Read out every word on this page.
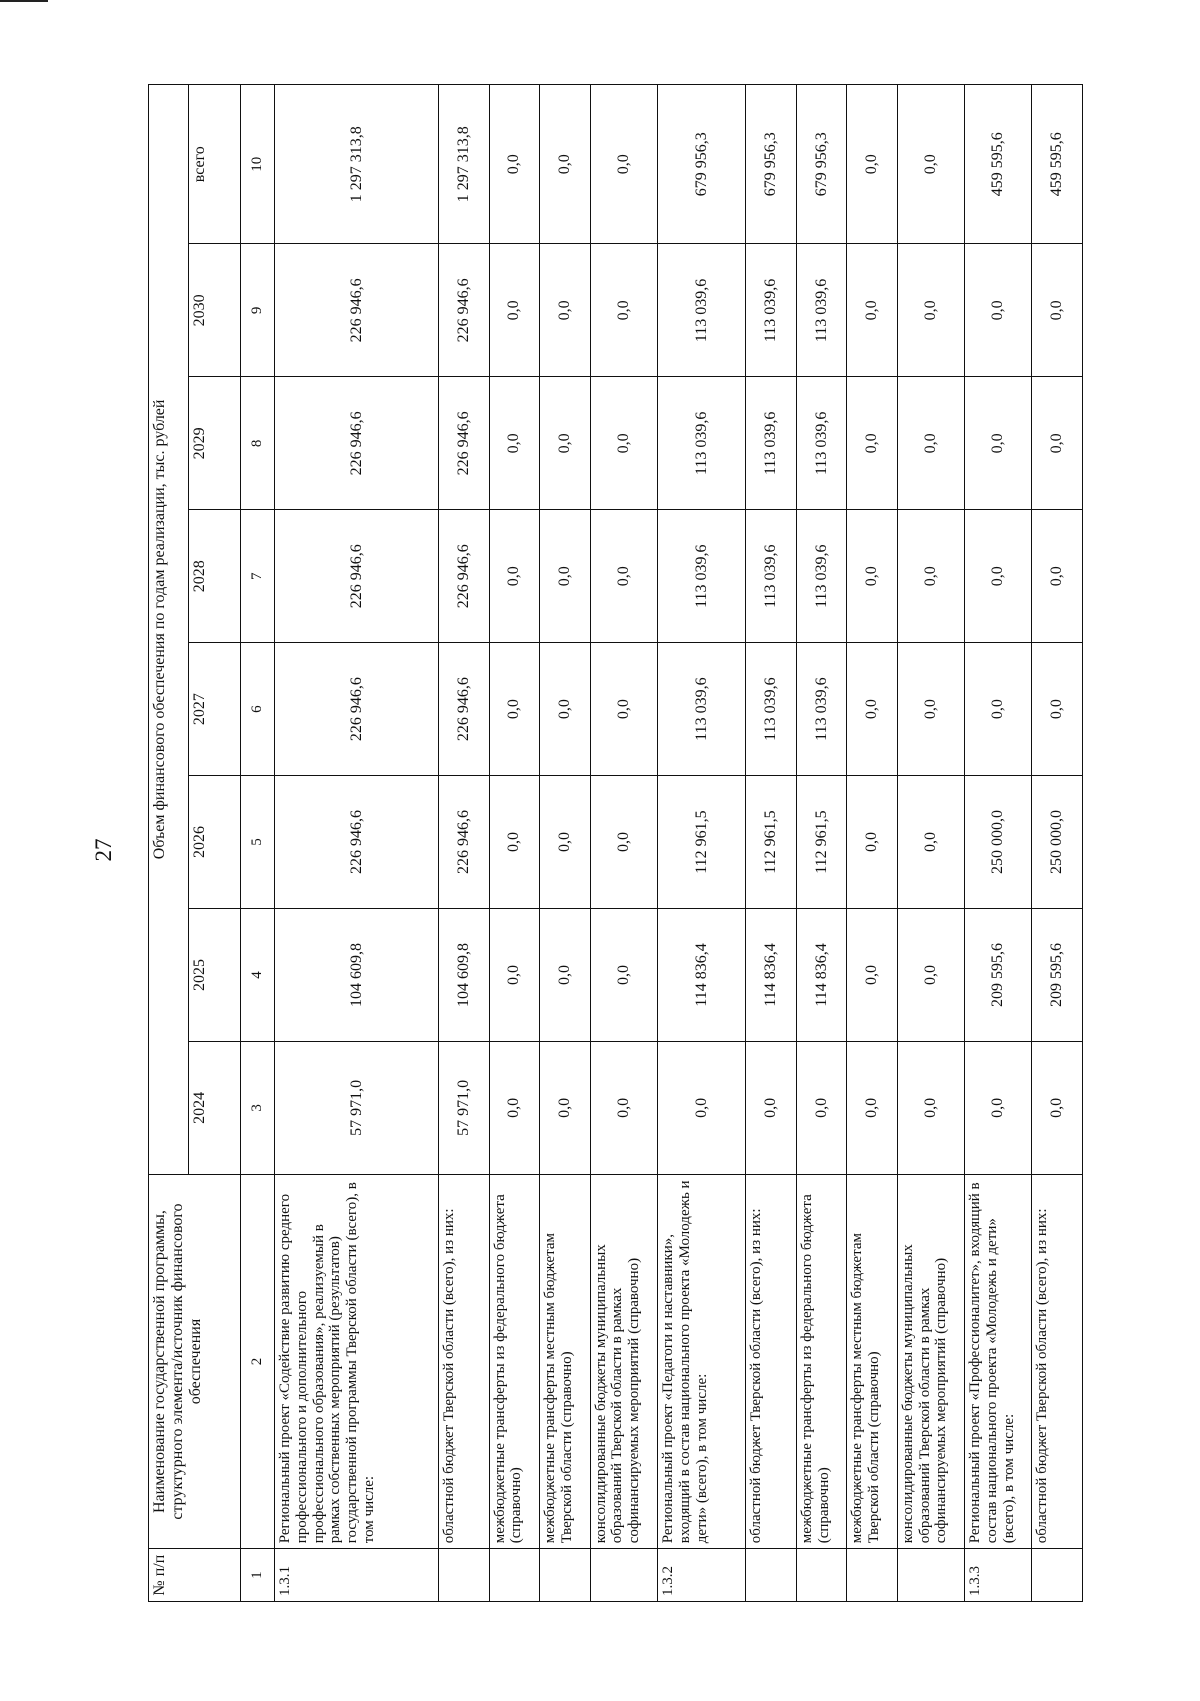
27
№ п/п	Наименование государственной программы, структурного элемента/источник финансового обеспечения	Объем финансового обеспечения по годам реализации, тыс. рублей							
		2024	2025	2026	2027	2028	2029	2030	всего
1	2	3	4	5	6	7	8	9	10
1.3.1	Региональный проект «Содействие развитию среднего профессионального и дополнительного профессионального образования», реализуемый в рамках собственных мероприятий (результатов) государственной программы Тверской области (всего), в том числе:	57 971,0	104 609,8	226 946,6	226 946,6	226 946,6	226 946,6	226 946,6	1 297 313,8
	областной бюджет Тверской области (всего), из них:	57 971,0	104 609,8	226 946,6	226 946,6	226 946,6	226 946,6	226 946,6	1 297 313,8
	межбюджетные трансферты из федерального бюджета (справочно)	0,0	0,0	0,0	0,0	0,0	0,0	0,0	0,0
	межбюджетные трансферты местным бюджетам Тверской области (справочно)	0,0	0,0	0,0	0,0	0,0	0,0	0,0	0,0
	консолидированные бюджеты муниципальных образований Тверской области в рамках софинансируемых мероприятий (справочно)	0,0	0,0	0,0	0,0	0,0	0,0	0,0	0,0
1.3.2	Региональный проект «Педагоги и наставники», входящий в состав национального проекта «Молодежь и дети» (всего), в том числе:	0,0	114 836,4	112 961,5	113 039,6	113 039,6	113 039,6	113 039,6	679 956,3
	областной бюджет Тверской области (всего), из них:	0,0	114 836,4	112 961,5	113 039,6	113 039,6	113 039,6	113 039,6	679 956,3
	межбюджетные трансферты из федерального бюджета (справочно)	0,0	114 836,4	112 961,5	113 039,6	113 039,6	113 039,6	113 039,6	679 956,3
	межбюджетные трансферты местным бюджетам Тверской области (справочно)	0,0	0,0	0,0	0,0	0,0	0,0	0,0	0,0
	консолидированные бюджеты муниципальных образований Тверской области в рамках софинансируемых мероприятий (справочно)	0,0	0,0	0,0	0,0	0,0	0,0	0,0	0,0
1.3.3	Региональный проект «Профессионалитет», входящий в состав национального проекта «Молодежь и дети» (всего), в том числе:	0,0	209 595,6	250 000,0	0,0	0,0	0,0	0,0	459 595,6
	областной бюджет Тверской области (всего), из них:	0,0	209 595,6	250 000,0	0,0	0,0	0,0	0,0	459 595,6
